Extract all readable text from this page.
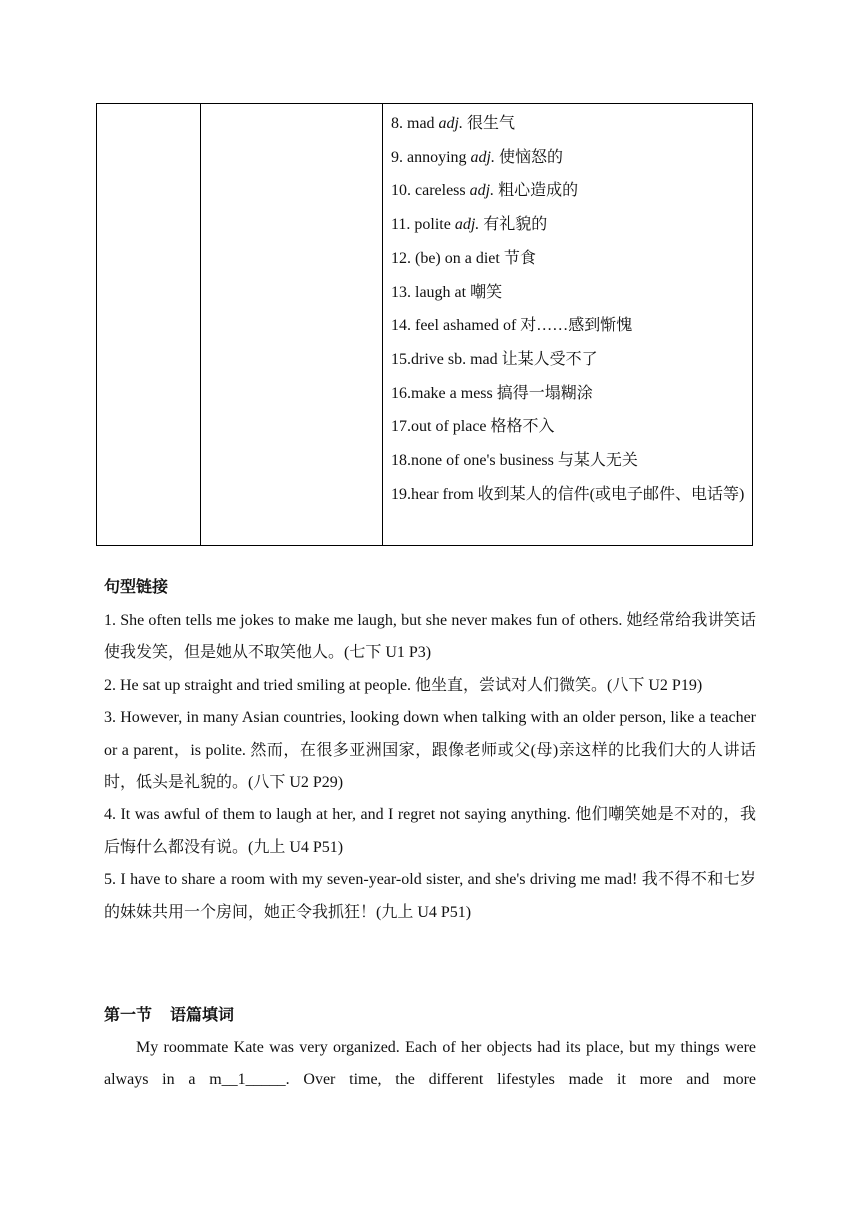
8. mad adj. 很生气
9. annoying adj. 使恼怒的
10. careless adj. 粗心造成的
11. polite adj. 有礼貌的
12. (be) on a diet 节食
13. laugh at 嘲笑
14. feel ashamed of 对……感到惭愧
15.drive sb. mad 让某人受不了
16.make a mess 搞得一塌糊涂
17.out of place 格格不入
18.none of one's business 与某人无关
19.hear from 收到某人的信件(或电子邮件、电话等)
句型链接
1. She often tells me jokes to make me laugh, but she never makes fun of others. 她经常给我讲笑话使我发笑，但是她从不取笑他人。(七下 U1 P3)
2. He sat up straight and tried smiling at people. 他坐直，尝试对人们微笑。(八下 U2 P19)
3. However, in many Asian countries, looking down when talking with an older person, like a teacher or a parent，is polite. 然而，在很多亚洲国家，跟像老师或父(母)亲这样的比我们大的人讲话时，低头是礼貌的。(八下 U2 P29)
4. It was awful of them to laugh at her, and I regret not saying anything. 他们嘲笑她是不对的，我后悔什么都没有说。(九上 U4 P51)
5. I have to share a room with my seven-year-old sister, and she's driving me mad! 我不得不和七岁的妹妹共用一个房间，她正令我抓狂！(九上 U4 P51)
第一节 语篇填词

My roommate Kate was very organized. Each of her objects had its place, but my things were always in a m__1_____. Over time, the different lifestyles made it more and more
